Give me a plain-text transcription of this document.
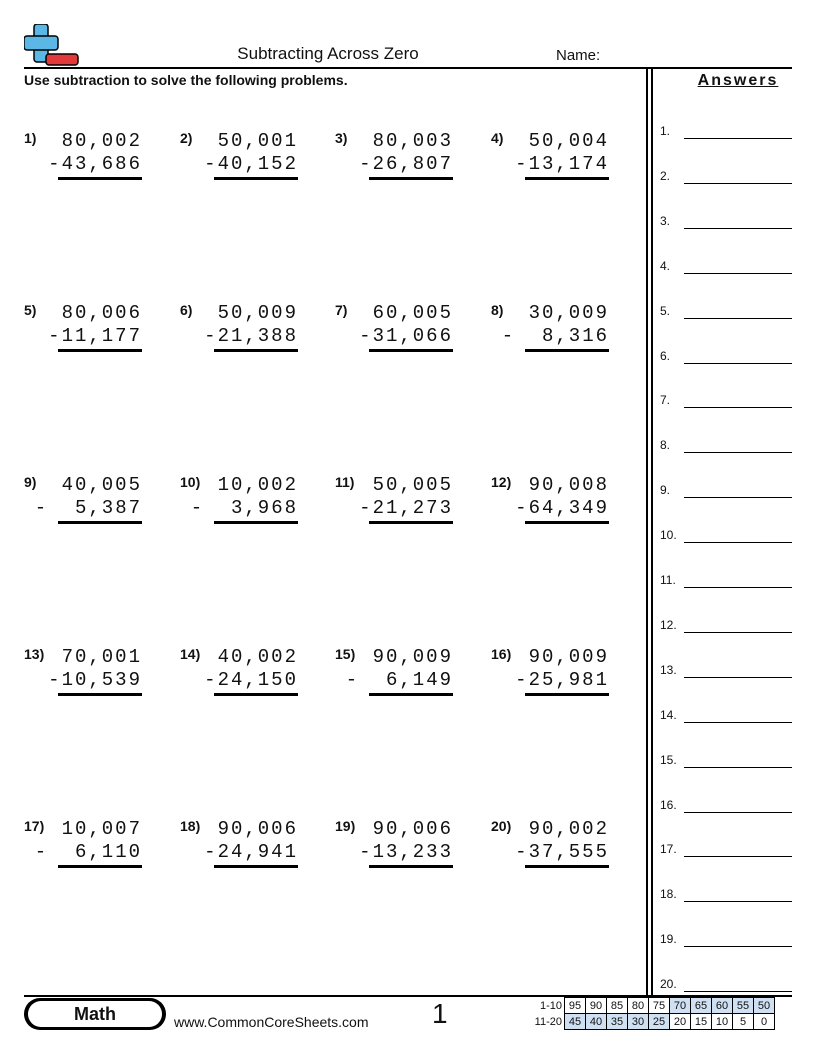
Subtracting Across Zero	Name:
Use subtraction to solve the following problems.	Answers
1.
2.
3.
4.
5.
6.
7.
8.
9.
10.
11.
12.
13.
14.
15.
16.
17.
18.
19.
20.
1) 80,002
-43,686
2) 50,001
-40,152
3) 80,003
-26,807
4) 50,004
-13,174
5) 80,006
-11,177
6) 50,009
-21,388
7) 60,005
-31,066
8) 30,009
-  8,316
9) 40,005
-  5,387
10) 10,002
-  3,968
11) 50,005
-21,273
12) 90,008
-64,349
13) 70,001
-10,539
14) 40,002
-24,150
15) 90,009
-  6,149
16) 90,009
-25,981
17) 10,007
-  6,110
18) 90,006
-24,941
19) 90,006
-13,233
20) 90,002
-37,555
Math	www.CommonCoreSheets.com 1	1-10	95	90	85	80	75	70	65	60	55	50
11-20	45	40	35	30	25	20	15	10	5	0
